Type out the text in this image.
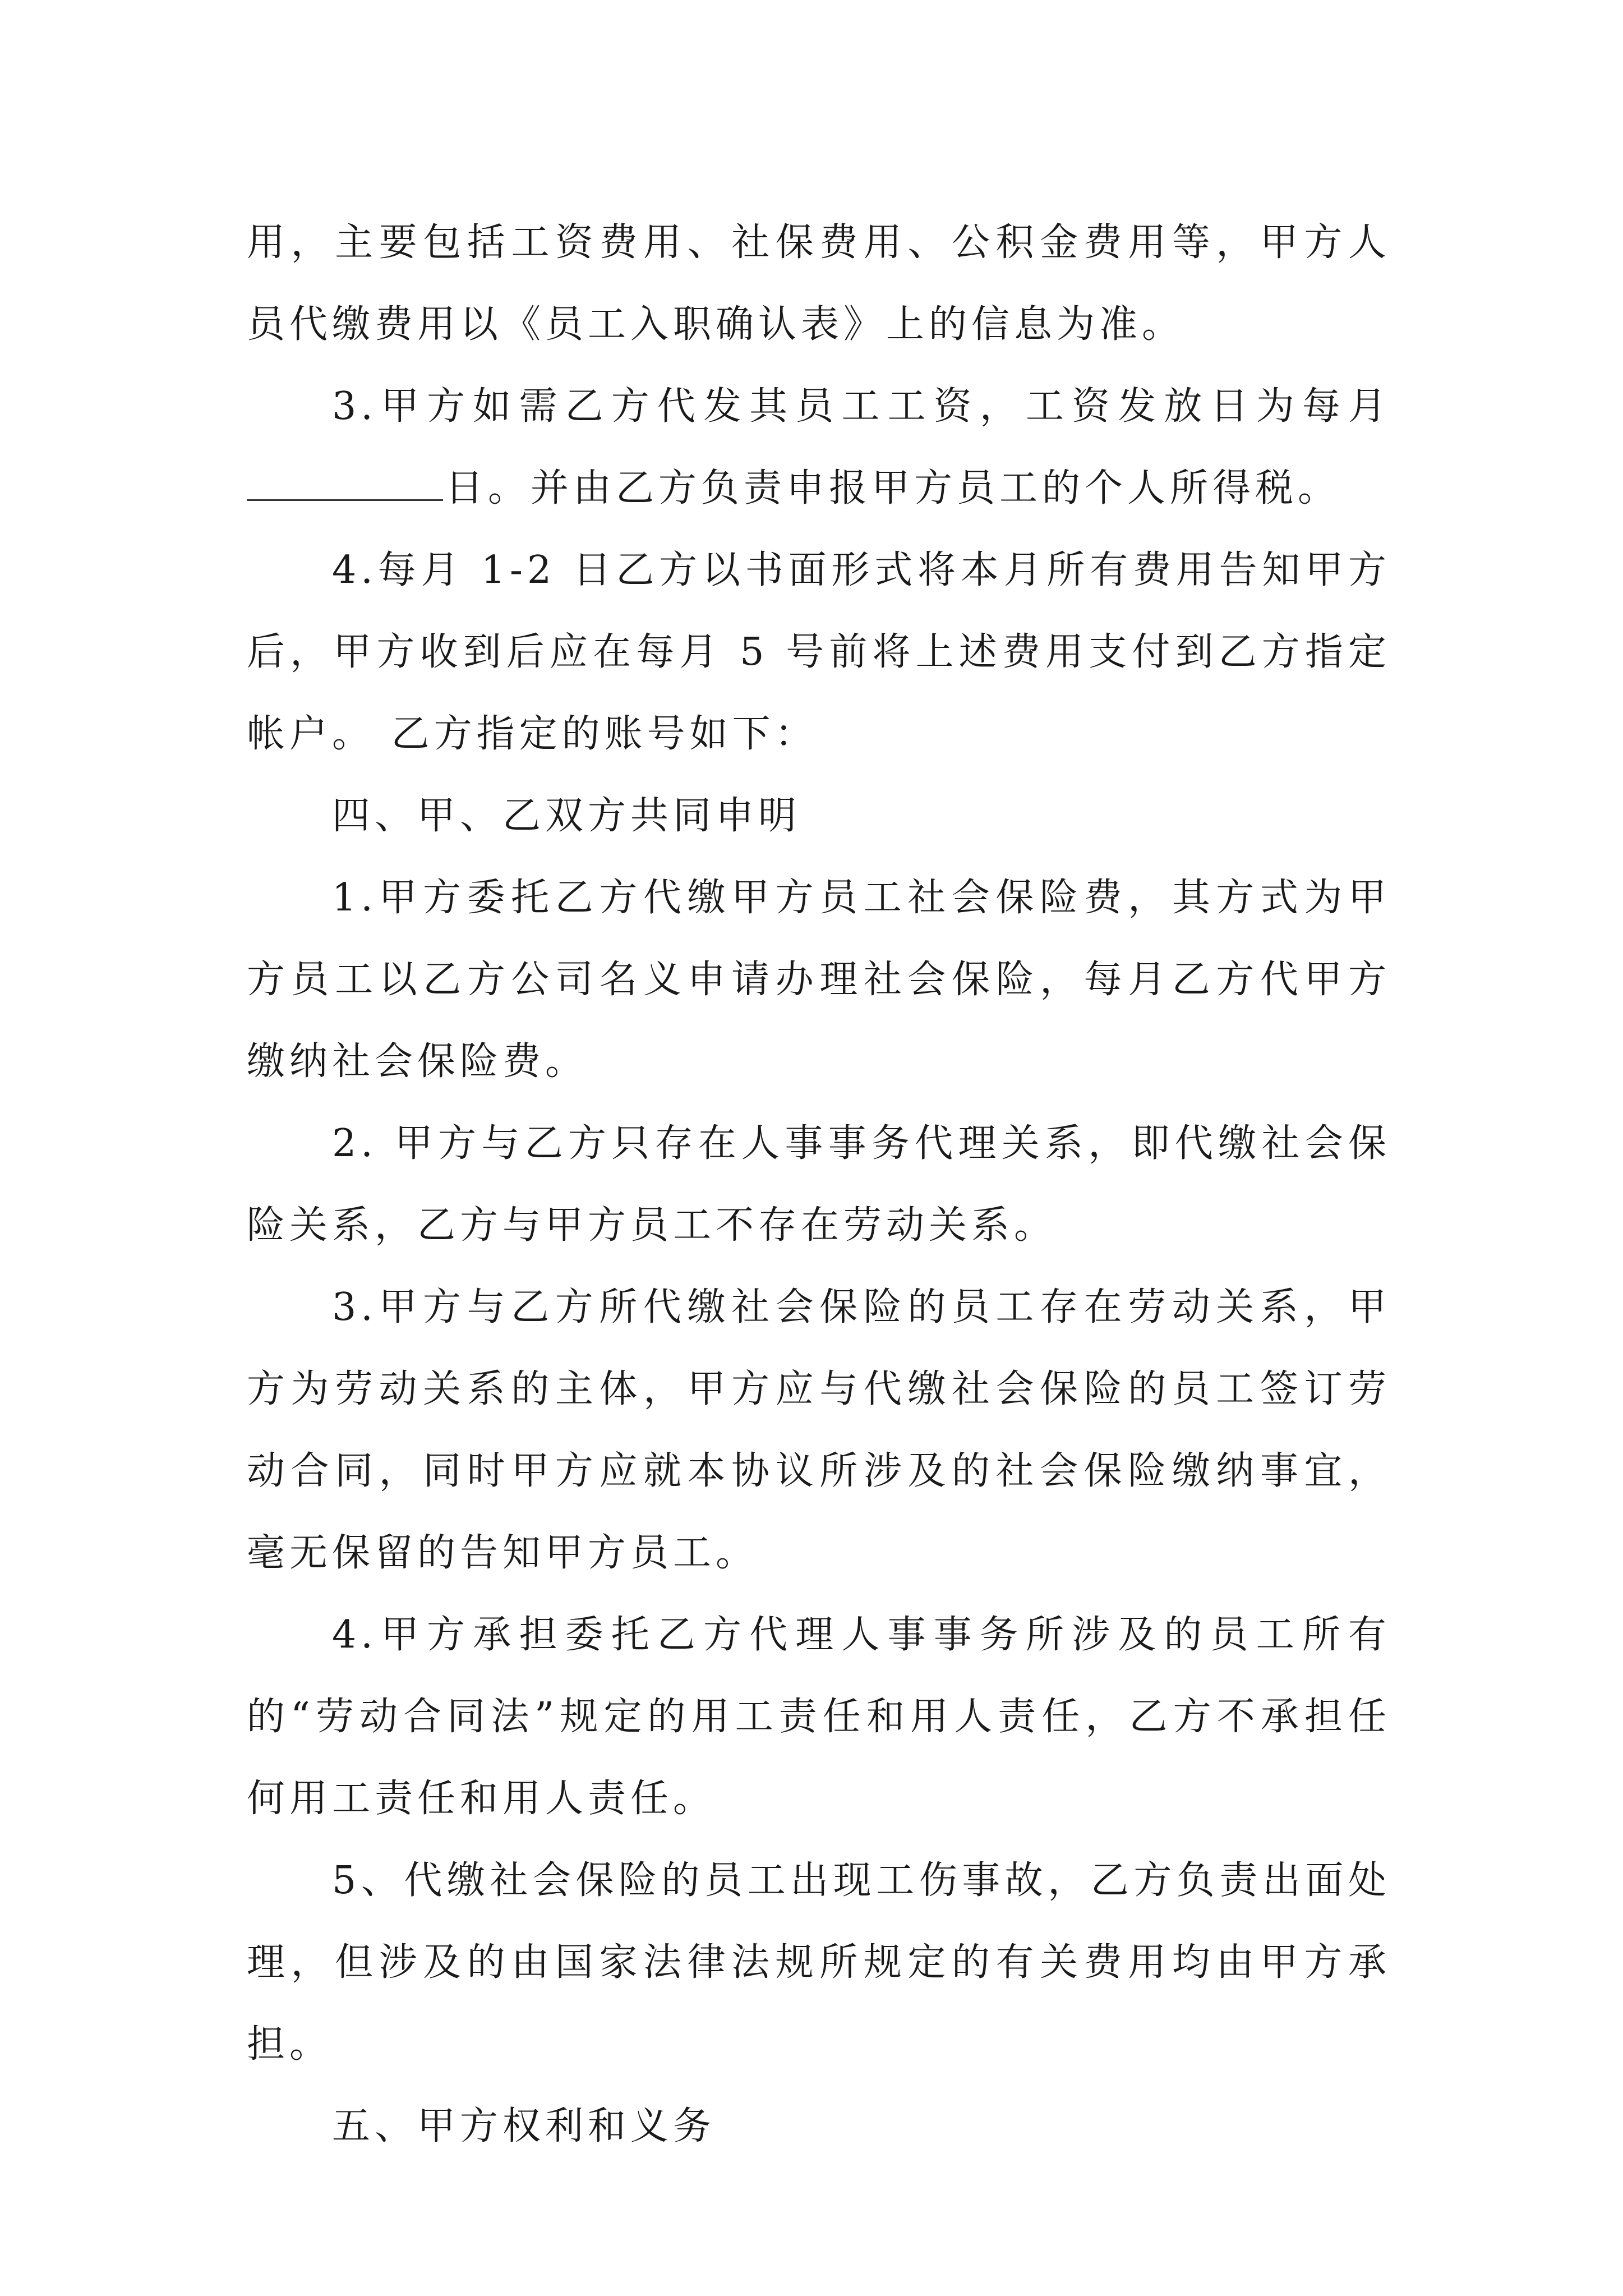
用，主要包括工资费用、社保费用、公积金费用等，甲方人员代缴费用以《员工入职确认表》上的信息为准。

3.甲方如需乙方代发其员工工资，工资发放日为每月日。并由乙方负责申报甲方员工的个人所得税。

4.每月 1-2 日乙方以书面形式将本月所有费用告知甲方后，甲方收到后应在每月 5 号前将上述费用支付到乙方指定帐户。 乙方指定的账号如下：

四、甲、乙双方共同申明

1.甲方委托乙方代缴甲方员工社会保险费，其方式为甲方员工以乙方公司名义申请办理社会保险，每月乙方代甲方缴纳社会保险费。

2. 甲方与乙方只存在人事事务代理关系，即代缴社会保险关系，乙方与甲方员工不存在劳动关系。

3.甲方与乙方所代缴社会保险的员工存在劳动关系，甲方为劳动关系的主体，甲方应与代缴社会保险的员工签订劳动合同，同时甲方应就本协议所涉及的社会保险缴纳事宜，毫无保留的告知甲方员工。

4.甲方承担委托乙方代理人事事务所涉及的员工所有的“劳动合同法”规定的用工责任和用人责任，乙方不承担任何用工责任和用人责任。

5、代缴社会保险的员工出现工伤事故，乙方负责出面处理，但涉及的由国家法律法规所规定的有关费用均由甲方承担。

五、甲方权利和义务
